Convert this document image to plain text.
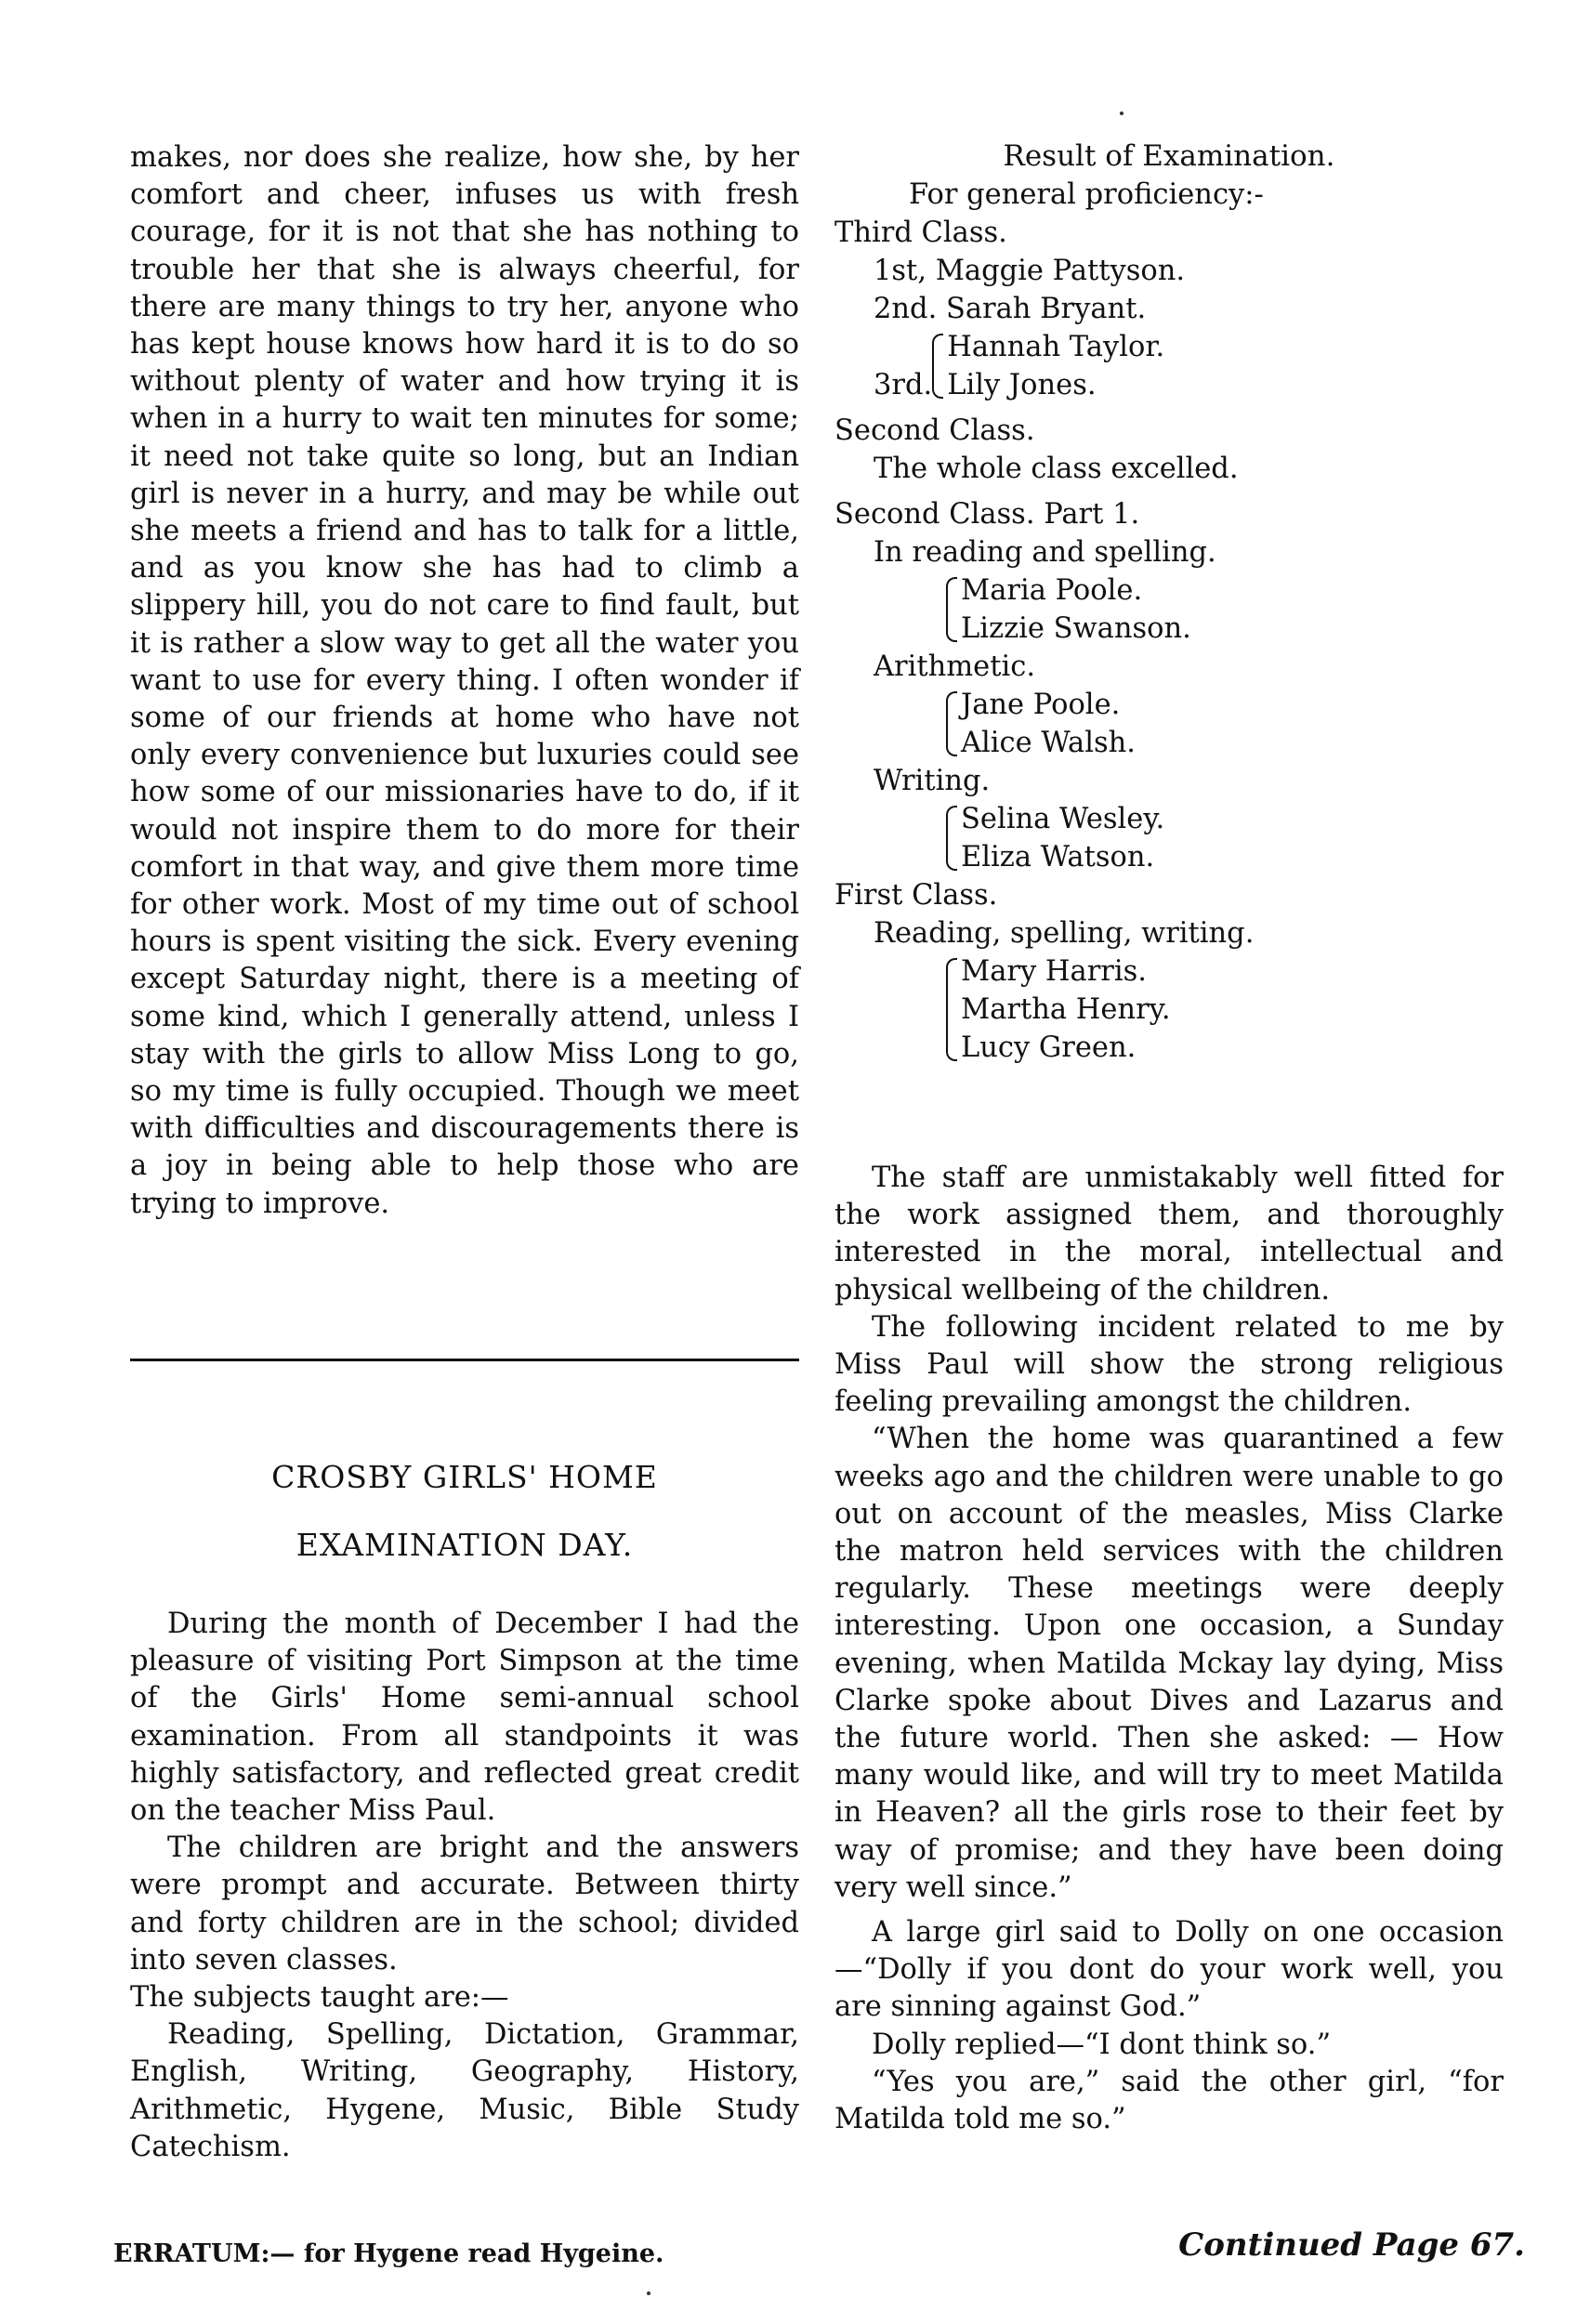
makes, nor does she realize, how she, by her comfort and cheer, infuses us with fresh courage, for it is not that she has nothing to trouble her that she is always cheerful, for there are many things to try her, anyone who has kept house knows how hard it is to do so without plenty of water and how trying it is when in a hurry to wait ten minutes for some; it need not take quite so long, but an Indian girl is never in a hurry, and may be while out she meets a friend and has to talk for a little, and as you know she has had to climb a slippery hill, you do not care to find fault, but it is rather a slow way to get all the water you want to use for every thing. I often wonder if some of our friends at home who have not only every convenience but luxuries could see how some of our missionaries have to do, if it would not inspire them to do more for their comfort in that way, and give them more time for other work. Most of my time out of school hours is spent visiting the sick. Every evening except Saturday night, there is a meeting of some kind, which I generally attend, unless I stay with the girls to allow Miss Long to go, so my time is fully occupied. Though we meet with difficulties and discouragements there is a joy in being able to help those who are trying to improve.

CROSBY GIRLS' HOME
EXAMINATION DAY.

During the month of December I had the pleasure of visiting Port Simpson at the time of the Girls' Home semi-annual school examination. From all standpoints it was highly satisfactory, and reflected great credit on the teacher Miss Paul.

The children are bright and the answers were prompt and accurate. Between thirty and forty children are in the school; divided into seven classes.

The subjects taught are:—

Reading, Spelling, Dictation, Grammar, English, Writing, Geography, History, Arithmetic, Hygene, Music, Bible Study Catechism.

Result of Examination.
For general proficiency:-
Third Class.
1st, Maggie Pattyson.
2nd. Sarah Bryant.
3rd.
Hannah Taylor.
Lily Jones.
Second Class.
The whole class excelled.
Second Class. Part 1.
In reading and spelling.
Maria Poole.
Lizzie Swanson.
Arithmetic.
Jane Poole.
Alice Walsh.
Writing.
Selina Wesley.
Eliza Watson.
First Class.
Reading, spelling, writing.
Mary Harris.
Martha Henry.
Lucy Green.

The staff are unmistakably well fitted for the work assigned them, and thoroughly interested in the moral, intellectual and physical wellbeing of the children.

The following incident related to me by Miss Paul will show the strong religious feeling prevailing amongst the children.

“When the home was quarantined a few weeks ago and the children were unable to go out on account of the measles, Miss Clarke the matron held services with the children regularly. These meetings were deeply interesting. Upon one occasion, a Sunday evening, when Matilda Mckay lay dying, Miss Clarke spoke about Dives and Lazarus and the future world. Then she asked: — How many would like, and will try to meet Matilda in Heaven? all the girls rose to their feet by way of promise; and they have been doing very well since.”

A large girl said to Dolly on one occasion —“Dolly if you dont do your work well, you are sinning against God.”

Dolly replied—“I dont think so.”

“Yes you are,” said the other girl, “for Matilda told me so.”

ERRATUM:— for Hygene read Hygeine.	Continued Page 67.
